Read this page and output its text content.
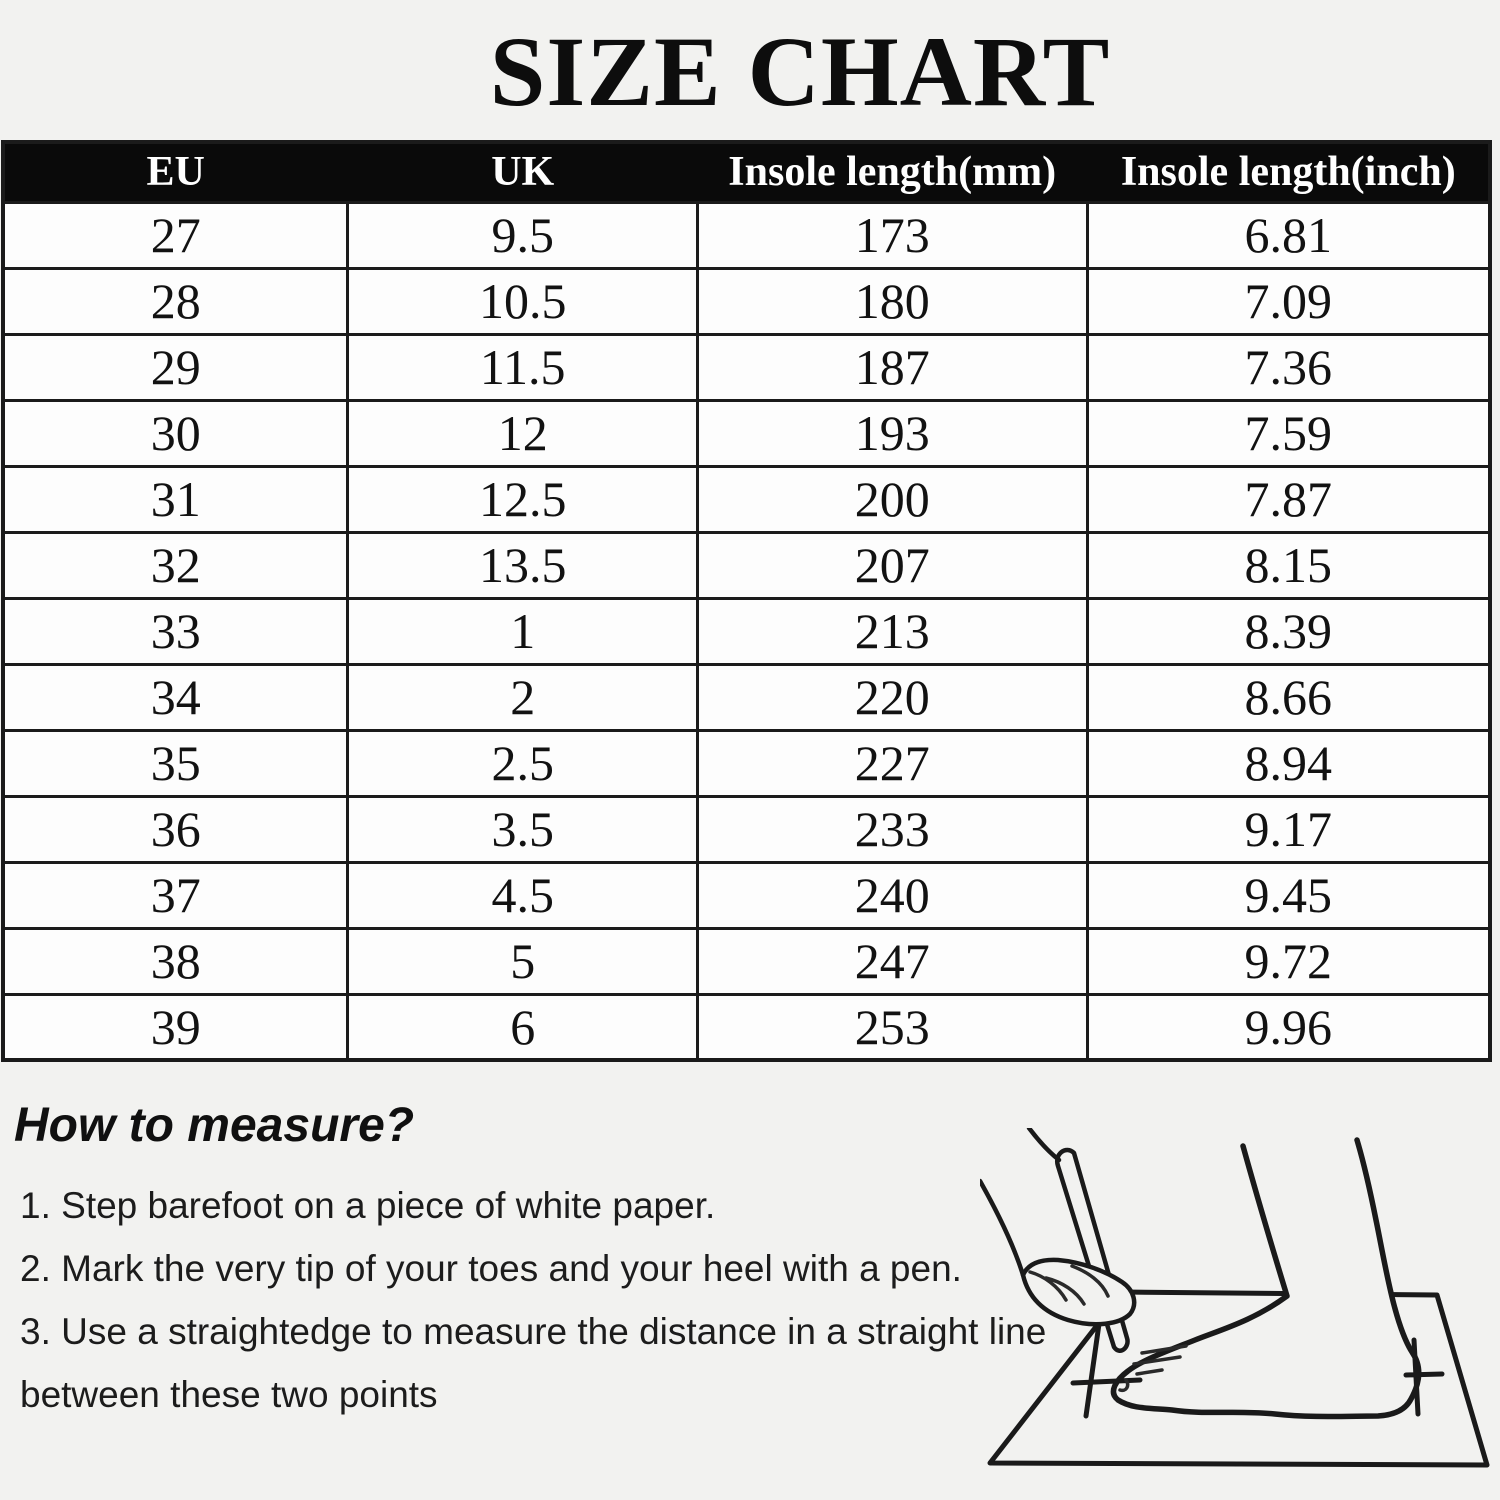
SIZE CHART
EU	UK	Insole length(mm)	Insole length(inch)
27	9.5	173	6.81
28	10.5	180	7.09
29	11.5	187	7.36
30	12	193	7.59
31	12.5	200	7.87
32	13.5	207	8.15
33	1	213	8.39
34	2	220	8.66
35	2.5	227	8.94
36	3.5	233	9.17
37	4.5	240	9.45
38	5	247	9.72
39	6	253	9.96
How to measure?
1. Step barefoot on a piece of white paper.
2. Mark the very tip of your toes and your heel with a pen.
3. Use a straightedge to measure the distance in a straight line
between these two points
